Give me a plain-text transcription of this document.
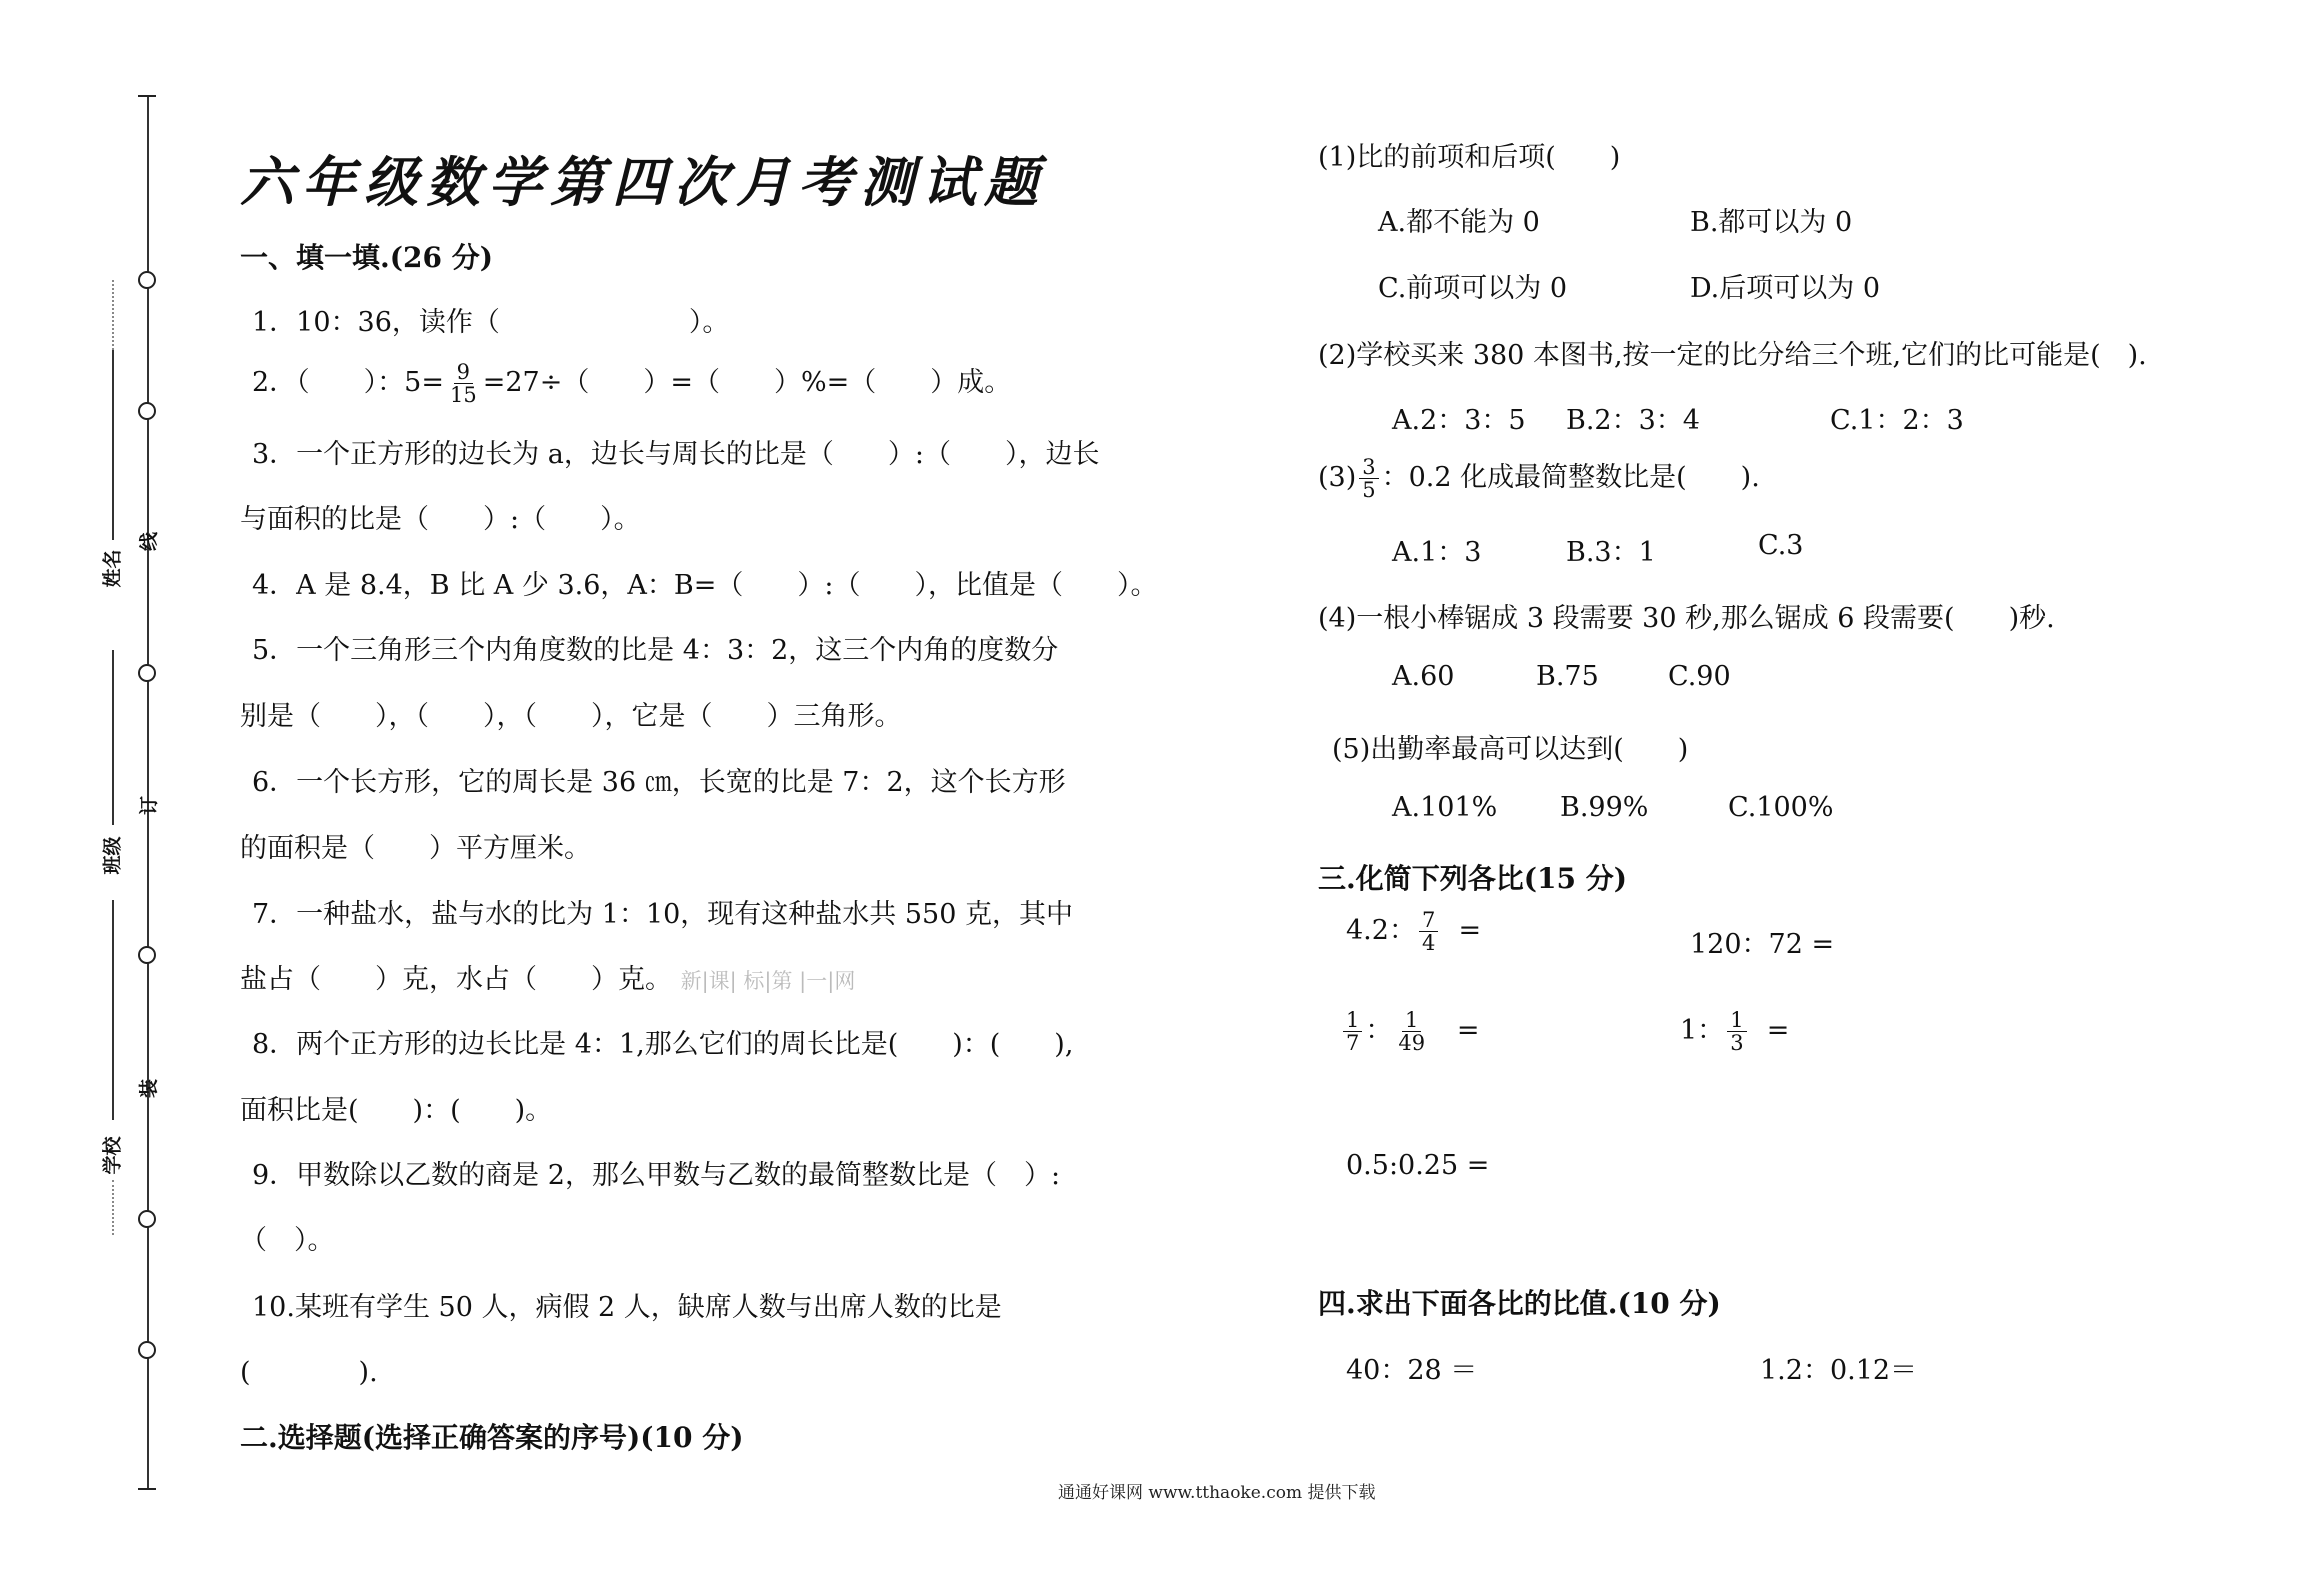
线
订
装
姓名
班级
学校
六年级数学第四次月考测试题
一、填一填.(26 分)
1．10：36，读作（　　　　　　　）。
2．（　　）：$5= \frac{9}{15} =27\div$（　　）=（　　）%=（　　）成。
3．一个正方形的边长为 a，边长与周长的比是（　　）:（　　），边长
与面积的比是（　　）:（　　）。
4．A 是 8.4，B 比 A 少 3.6，A：B=（　　）:（　　），比值是（　　）。
5．一个三角形三个内角度数的比是 4：3：2，这三个内角的度数分
别是（　　），（　　），（　　），它是（　　）三角形。
6．一个长方形，它的周长是 36 ㎝，长宽的比是 7：2，这个长方形
的面积是（　　）平方厘米。
7．一种盐水，盐与水的比为 1：10，现有这种盐水共 550 克，其中
盐占（　　）克，水占（　　）克。 新|课| 标|第 |一|网
8．两个正方形的边长比是 4：1,那么它们的周长比是(　　)：(　　),
面积比是(　　)：(　　)。
9．甲数除以乙数的商是 2，那么甲数与乙数的最简整数比是（　）:
（　）。
10.某班有学生 50 人，病假 2 人，缺席人数与出席人数的比是
(　　　　).
二.选择题(选择正确答案的序号)(10 分)
(1)比的前项和后项(　　)
A.都不能为 0	B.都可以为 0
C.前项可以为 0	D.后项可以为 0
(2)学校买来 380 本图书,按一定的比分给三个班,它们的比可能是(　).
A.2：3：5 B.2：3：4	C.1：2：3
$(3) \frac{3}{5}$ ：0.2 化成最简整数比是(　　).
A.1：3	B.3：1	C.3
(4)一根小棒锯成 3 段需要 30 秒,那么锯成 6 段需要(　　)秒.
A.60	B.75	C.90
(5)出勤率最高可以达到(　　)
A.101% B.99%	C.100%
三.化简下列各比(15 分)
4.2： $\frac{7}{4}$ =	120：72 =
$\frac{1}{7}$ ： $\frac{1}{49}$ =	1： $\frac{1}{3}$ =
0.5:0.25 =
四.求出下面各比的比值.(10 分)
40：28 ＝	1.2：0.12＝
通通好课网 www.tthaoke.com 提供下载
